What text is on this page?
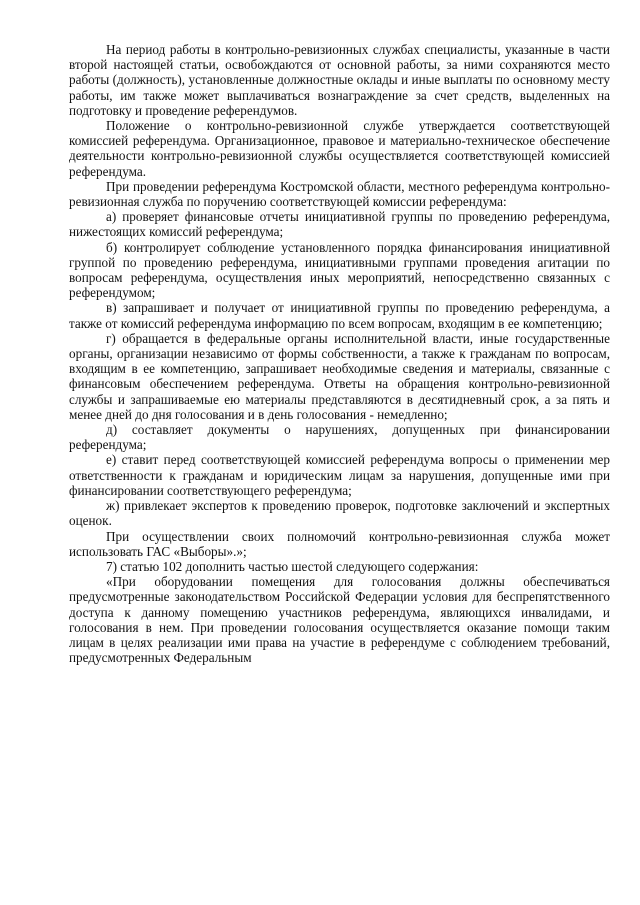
На период работы в контрольно-ревизионных службах специалисты, указанные в части второй настоящей статьи, освобождаются от основной работы, за ними сохраняются место работы (должность), установленные должностные оклады и иные выплаты по основному месту работы, им также может выплачиваться вознаграждение за счет средств, выделенных на подготовку и проведение референдумов.

Положение о контрольно-ревизионной службе утверждается соответствующей комиссией референдума. Организационное, правовое и материально-техническое обеспечение деятельности контрольно-ревизионной службы осуществляется соответствующей комиссией референдума.

При проведении референдума Костромской области, местного референдума контрольно-ревизионная служба по поручению соответствующей комиссии референдума:

а) проверяет финансовые отчеты инициативной группы по проведению референдума, нижестоящих комиссий референдума;

б) контролирует соблюдение установленного порядка финансирования инициативной группой по проведению референдума, инициативными группами проведения агитации по вопросам референдума, осуществления иных мероприятий, непосредственно связанных с референдумом;

в) запрашивает и получает от инициативной группы по проведению референдума, а также от комиссий референдума информацию по всем вопросам, входящим в ее компетенцию;

г) обращается в федеральные органы исполнительной власти, иные государственные органы, организации независимо от формы собственности, а также к гражданам по вопросам, входящим в ее компетенцию, запрашивает необходимые сведения и материалы, связанные с финансовым обеспечением референдума. Ответы на обращения контрольно-ревизионной службы и запрашиваемые ею материалы представляются в десятидневный срок, а за пять и менее дней до дня голосования и в день голосования - немедленно;

д) составляет документы о нарушениях, допущенных при финансировании референдума;

е) ставит перед соответствующей комиссией референдума вопросы о применении мер ответственности к гражданам и юридическим лицам за нарушения, допущенные ими при финансировании соответствующего референдума;

ж) привлекает экспертов к проведению проверок, подготовке заключений и экспертных оценок.

При осуществлении своих полномочий контрольно-ревизионная служба может использовать ГАС «Выборы».»;

7) статью 102 дополнить частью шестой следующего содержания:

«При оборудовании помещения для голосования должны обеспечиваться предусмотренные законодательством Российской Федерации условия для беспрепятственного доступа к данному помещению участников референдума, являющихся инвалидами, и голосования в нем. При проведении голосования осуществляется оказание помощи таким лицам в целях реализации ими права на участие в референдуме с соблюдением требований, предусмотренных Федеральным
